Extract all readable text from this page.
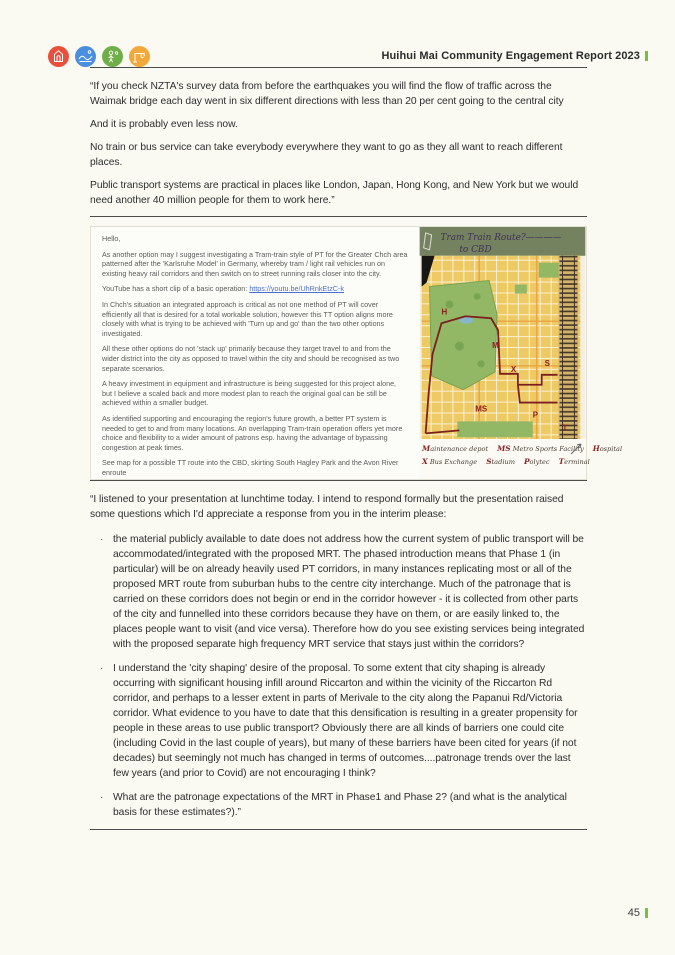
Huihui Mai Community Engagement Report 2023

“If you check NZTA's survey data from before the earthquakes you will find the flow of traffic across the Waimak bridge each day went in six different directions with less than 20 per cent going to the central city

And it is probably even less now.

No train or bus service can take everybody everywhere they want to go as they all want to reach different places.

Public transport systems are practical in places like London, Japan, Hong Kong, and New York but we would need another 40 million people for them to work here.”

Hello,

As another option may I suggest investigating a Tram-train style of PT for the Greater Chch area patterned after the 'Karlsruhe Model' in Germany, whereby tram / light rail vehicles run on existing heavy rail corridors and then switch on to street running rails closer into the city.

YouTube has a short clip of a basic operation: https://youtu.be/UhRnkEtzC-k

In Chch's situation an integrated approach is critical as not one method of PT will cover efficiently all that is desired for a total workable solution, however this TT option aligns more closely with what is trying to be achieved with 'Turn up and go' than the two other options investigated.

All these other options do not 'stack up' primarily because they target travel to and from the wider district into the city as opposed to travel within the city and should be recognised as two separate scenarios.

A heavy investment in equipment and infrastructure is being suggested for this project alone, but I believe a scaled back and more modest plan to reach the original goal can be still be achieved within a smaller budget.

As identified supporting and encouraging the region's future growth, a better PT system is needed to get to and from many locations. An overlapping Tram-train operation offers yet more choice and flexibility to a wider amount of patrons esp. having the advantage of bypassing congestion at peak times.

See map for a possible TT route into the CBD, skirting South Hagley Park and the Avon River enroute

Tram Train Route?————
to CBD
H
M
X
S
MS
P
T
Maintenance depot MS Metro Sports Facility Hospital
X Bus Exchange Stadium Polytec Terminal

“I listened to your presentation at lunchtime today. I intend to respond formally but the presentation raised some questions which I'd appreciate a response from you in the interim please:

· the material publicly available to date does not address how the current system of public transport will be accommodated/integrated with the proposed MRT. The phased introduction means that Phase 1 (in particular) will be on already heavily used PT corridors, in many instances replicating most or all of the proposed MRT route from suburban hubs to the centre city interchange. Much of the patronage that is carried on these corridors does not begin or end in the corridor however - it is collected from other parts of the city and funnelled into these corridors because they have on them, or are easily linked to, the places people want to visit (and vice versa). Therefore how do you see existing services being integrated with the proposed separate high frequency MRT service that stays just within the corridors?
· I understand the 'city shaping' desire of the proposal. To some extent that city shaping is already occurring with significant housing infill around Riccarton and within the vicinity of the Riccarton Rd corridor, and perhaps to a lesser extent in parts of Merivale to the city along the Papanui Rd/Victoria corridor. What evidence to you have to date that this densification is resulting in a greater propensity for people in these areas to use public transport? Obviously there are all kinds of barriers one could cite (including Covid in the last couple of years), but many of these barriers have been cited for years (if not decades) but seemingly not much has changed in terms of outcomes....patronage trends over the last few years (and prior to Covid) are not encouraging I think?
· What are the patronage expectations of the MRT in Phase1 and Phase 2? (and what is the analytical basis for these estimates?).”
45
